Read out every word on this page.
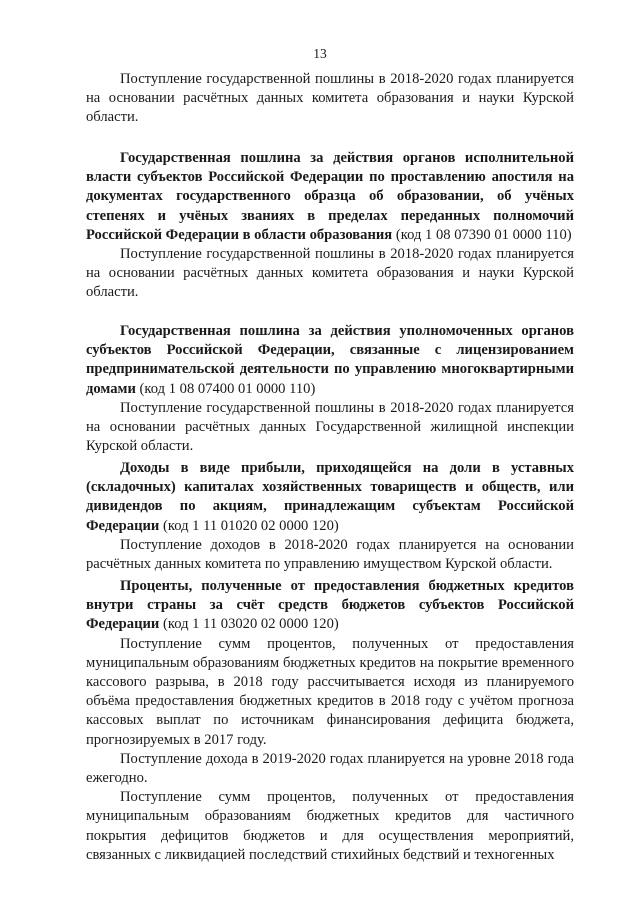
13

Поступление государственной пошлины в 2018-2020 годах планируется на основании расчётных данных комитета образования и науки Курской области.

Государственная пошлина за действия органов исполнительной власти субъектов Российской Федерации по проставлению апостиля на документах государственного образца об образовании, об учёных степенях и учёных званиях в пределах переданных полномочий Российской Федерации в области образования (код 1 08 07390 01 0000 110)

Поступление государственной пошлины в 2018-2020 годах планируется на основании расчётных данных комитета образования и науки Курской области.

Государственная пошлина за действия уполномоченных органов субъектов Российской Федерации, связанные с лицензированием предпринимательской деятельности по управлению многоквартирными домами (код 1 08 07400 01 0000 110)

Поступление государственной пошлины в 2018-2020 годах планируется на основании расчётных данных Государственной жилищной инспекции Курской области.

Доходы в виде прибыли, приходящейся на доли в уставных (складочных) капиталах хозяйственных товариществ и обществ, или дивидендов по акциям, принадлежащим субъектам Российской Федерации (код 1 11 01020 02 0000 120)

Поступление доходов в 2018-2020 годах планируется на основании расчётных данных комитета по управлению имуществом Курской области.

Проценты, полученные от предоставления бюджетных кредитов внутри страны за счёт средств бюджетов субъектов Российской Федерации (код 1 11 03020 02 0000 120)

Поступление сумм процентов, полученных от предоставления муниципальным образованиям бюджетных кредитов на покрытие временного кассового разрыва, в 2018 году рассчитывается исходя из планируемого объёма предоставления бюджетных кредитов в 2018 году с учётом прогноза кассовых выплат по источникам финансирования дефицита бюджета, прогнозируемых в 2017 году.

Поступление дохода в 2019-2020 годах планируется на уровне 2018 года ежегодно.

Поступление сумм процентов, полученных от предоставления муниципальным образованиям бюджетных кредитов для частичного покрытия дефицитов бюджетов и для осуществления мероприятий, связанных с ликвидацией последствий стихийных бедствий и техногенных
